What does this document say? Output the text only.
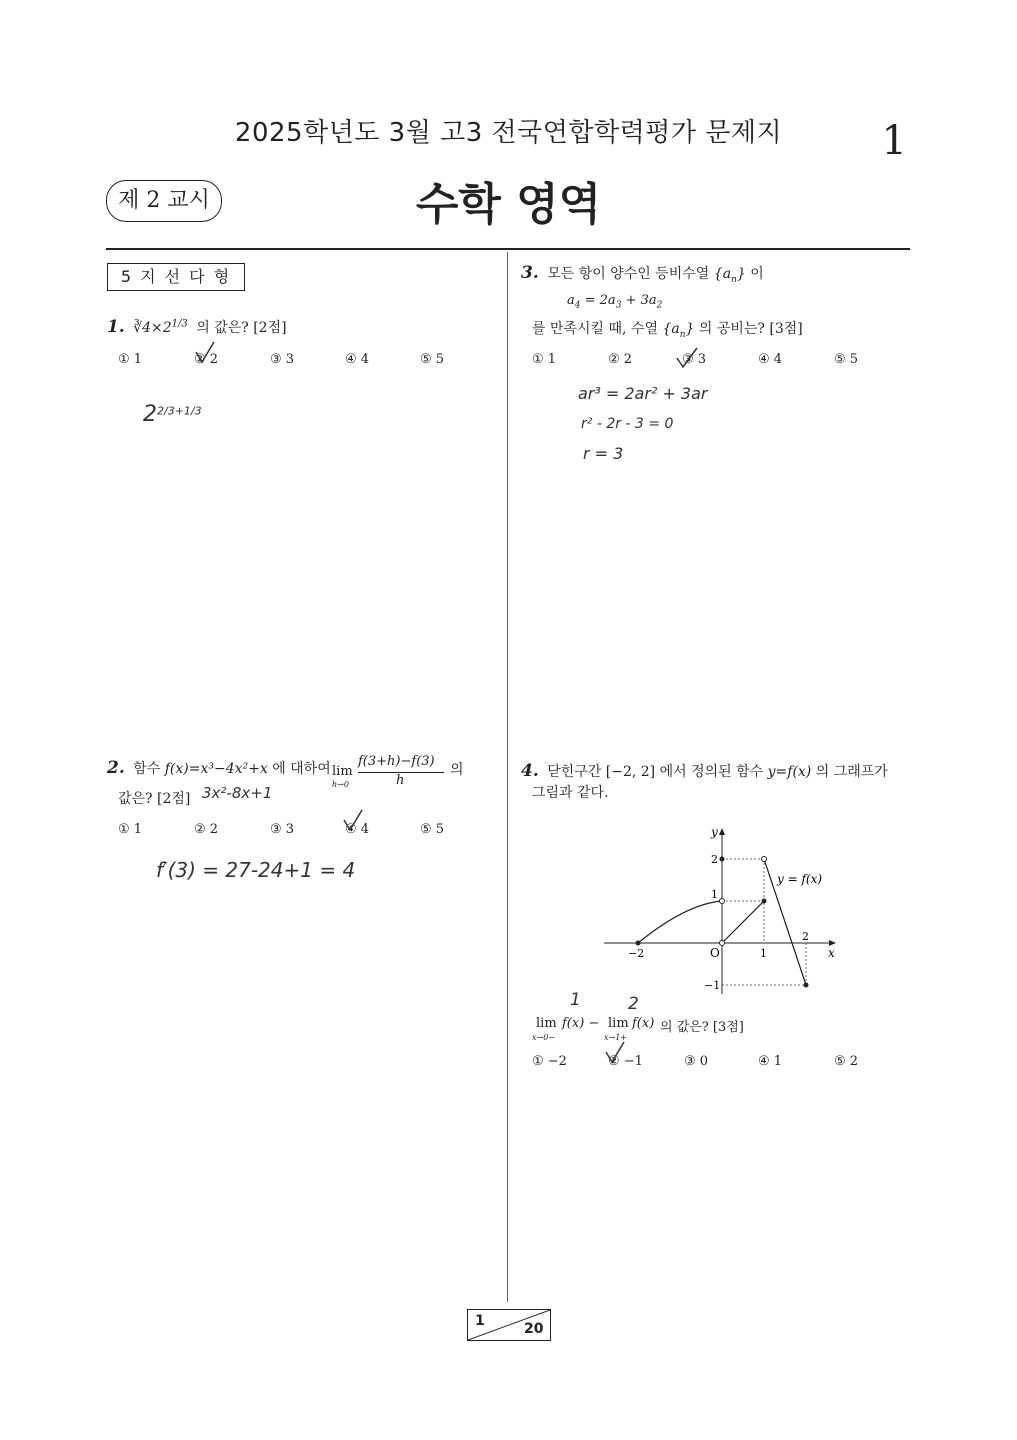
2025학년도 3월 고3 전국연합학력평가 문제지	1
제 2 교시	수학 영역
5 지 선 다 형
1. $∛4\times 2^{1/3}$ 의 값은? [2점]
① 1	② 2	③ 3	④ 4	⑤ 5
$2^{2/3+1/3}$
2. 함수 f(x)=x³−4x²+x 에 대하여 lim
h→0
f(3+h)−f(3)
h
의
값은? [2점]
① 1	② 2	③ 3	④ 4	⑤ 5
3x²-8x+1
f′(3) = 27-24+1 = 4
3. 모든 항이 양수인 등비수열 $\{a_n\}$ 이
$a_4 = 2a_3 + 3a_2$
를 만족시킬 때, 수열 $\{a_n\}$ 의 공비는? [3점]
① 1	② 2	③ 3	④ 4	⑤ 5
ar³ = 2ar² + 3ar
r² - 2r - 3 = 0
r = 3
4. 닫힌구간 [−2, 2] 에서 정의된 함수 y=f(x) 의 그래프가
그림과 같다.
y
x
O
y = f(x)
−2	1
2
1
2
−1
lim
x→0−
f(x) − lim
x→1+
f(x) 의 값은? [3점]
1	2
① −2	② −1	③ 0	④ 1	⑤ 2
1	20
